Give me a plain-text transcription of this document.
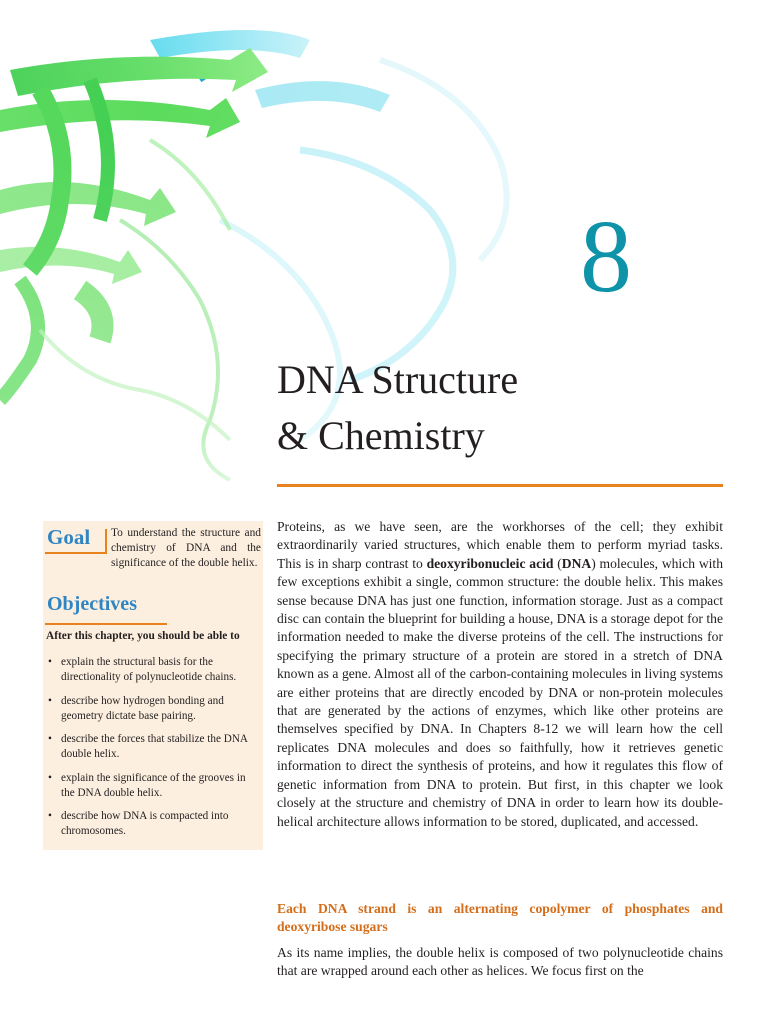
8
DNA Structure
& Chemistry
Goal To understand the structure and chemistry of DNA and the significance of the double helix.
Objectives
After this chapter, you should be able to
• explain the structural basis for the directionality of polynucleotide chains.
• describe how hydrogen bonding and geometry dictate base pairing.
• describe the forces that stabilize the DNA double helix.
• explain the significance of the grooves in the DNA double helix.
• describe how DNA is compacted into chromosomes.

Proteins, as we have seen, are the workhorses of the cell; they exhibit extraordinarily varied structures, which enable them to perform myriad tasks. This is in sharp contrast to deoxyribonucleic acid (DNA) molecules, which with few exceptions exhibit a single, common structure: the double helix. This makes sense because DNA has just one function, information storage. Just as a compact disc can contain the blueprint for building a house, DNA is a storage depot for the information needed to make the diverse proteins of the cell. The instructions for specifying the primary structure of a protein are stored in a stretch of DNA known as a gene. Almost all of the carbon-containing molecules in living systems are either proteins that are directly encoded by DNA or non-protein molecules that are generated by the actions of enzymes, which like other proteins are themselves specified by DNA. In Chapters 8-12 we will learn how the cell replicates DNA molecules and does so faithfully, how it retrieves genetic information to direct the synthesis of proteins, and how it regulates this flow of genetic information from DNA to protein. But first, in this chapter we look closely at the structure and chemistry of DNA in order to learn how its double-helical architecture allows information to be stored, duplicated, and accessed.

Each DNA strand is an alternating copolymer of phosphates and deoxyribose sugars

As its name implies, the double helix is composed of two polynucleotide chains that are wrapped around each other as helices. We focus first on the
